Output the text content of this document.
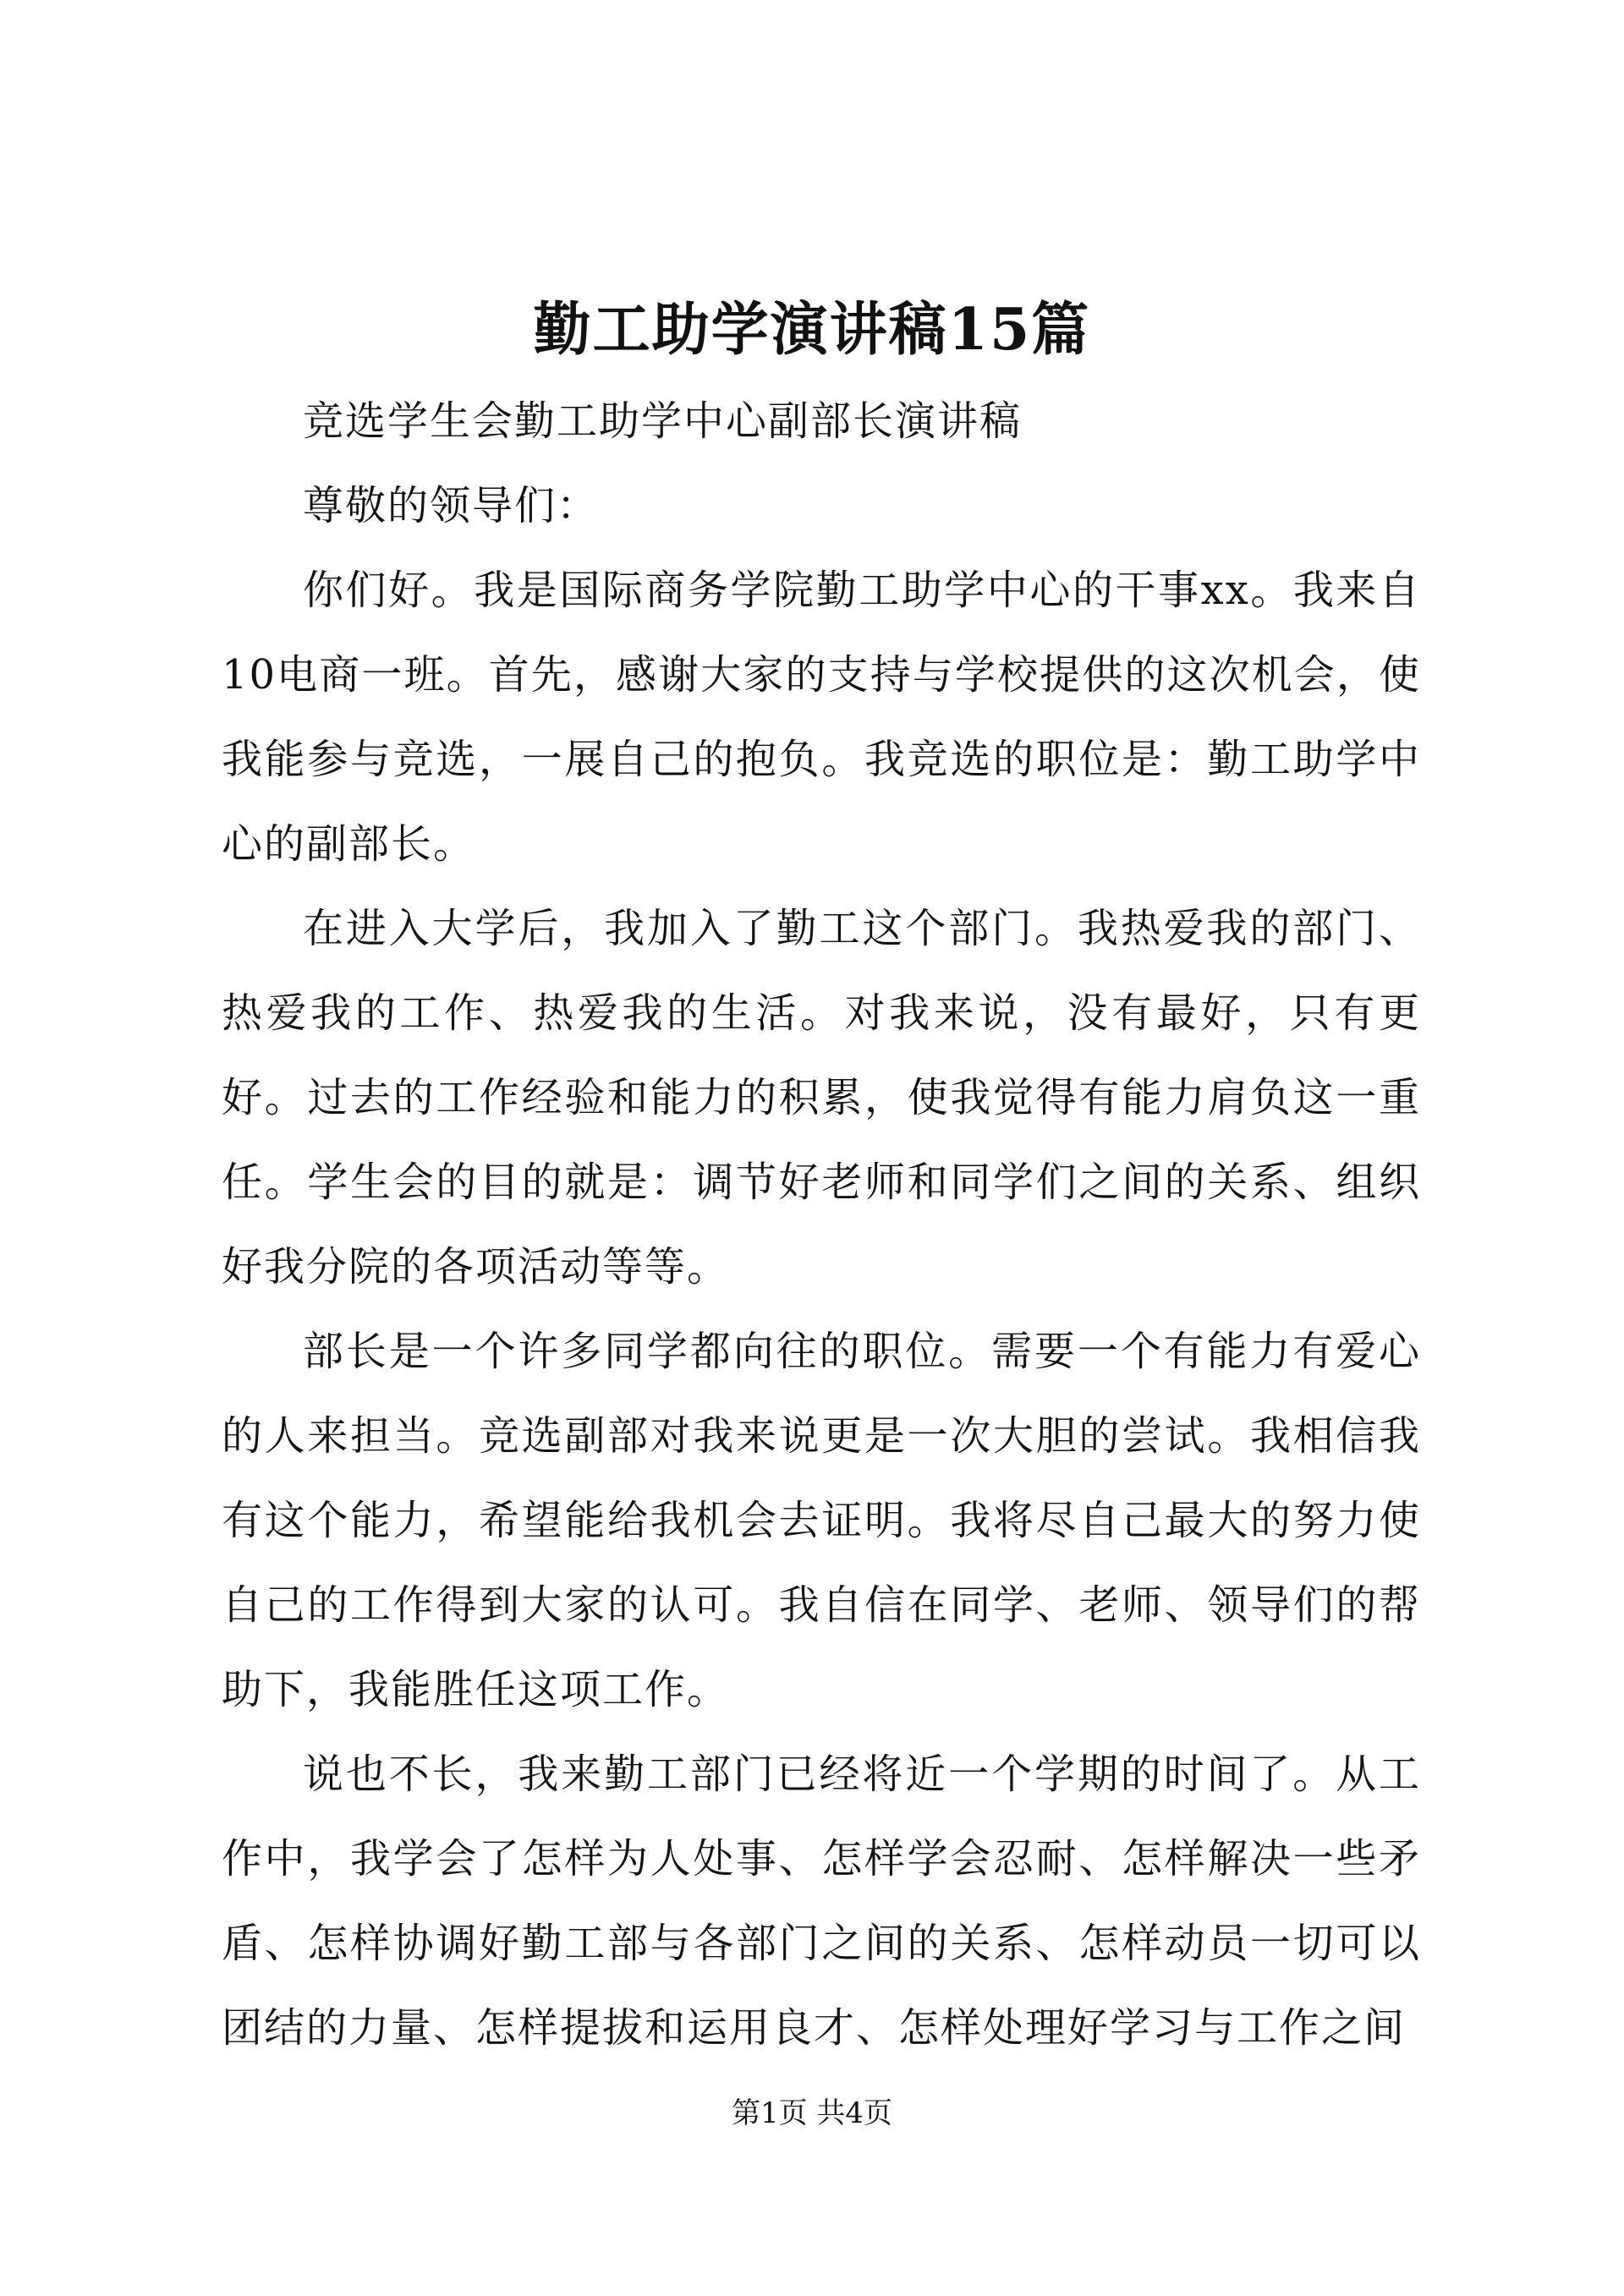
勤工助学演讲稿15篇

竞选学生会勤工助学中心副部长演讲稿

尊敬的领导们：

你们好。我是国际商务学院勤工助学中心的干事xx。我来自10电商一班。首先，感谢大家的支持与学校提供的这次机会，使我能参与竞选，一展自己的抱负。我竞选的职位是：勤工助学中心的副部长。

在进入大学后，我加入了勤工这个部门。我热爱我的部门、热爱我的工作、热爱我的生活。对我来说，没有最好，只有更好。过去的工作经验和能力的积累，使我觉得有能力肩负这一重任。学生会的目的就是：调节好老师和同学们之间的关系、组织好我分院的各项活动等等。

部长是一个许多同学都向往的职位。需要一个有能力有爱心的人来担当。竞选副部对我来说更是一次大胆的尝试。我相信我有这个能力，希望能给我机会去证明。我将尽自己最大的努力使自己的工作得到大家的认可。我自信在同学、老师、领导们的帮助下，我能胜任这项工作。

说也不长，我来勤工部门已经将近一个学期的时间了。从工作中，我学会了怎样为人处事、怎样学会忍耐、怎样解决一些矛盾、怎样协调好勤工部与各部门之间的关系、怎样动员一切可以团结的力量、怎样提拔和运用良才、怎样处理好学习与工作之间

第1页 共4页
